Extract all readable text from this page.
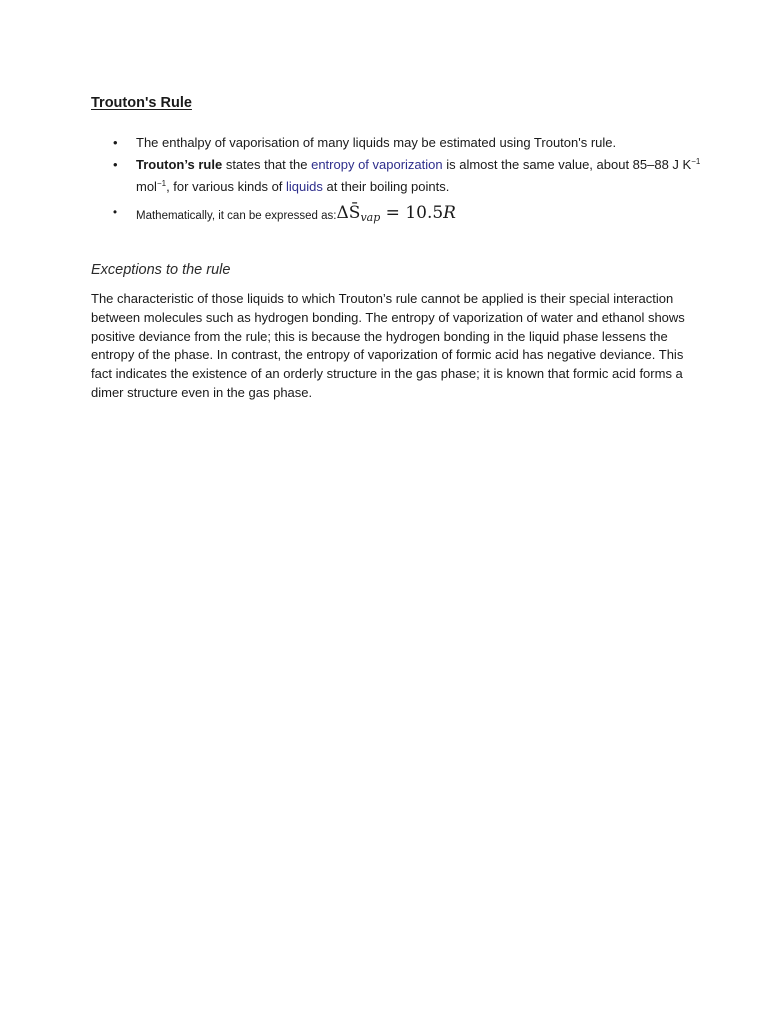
Trouton's Rule
• The enthalpy of vaporisation of many liquids may be estimated using Trouton's rule.
• Trouton’s rule states that the entropy of vaporization is almost the same value, about 85–88 J $K^{-1}$ mol$^{-1}$, for various kinds of liquids at their boiling points.
• Mathematically, it can be expressed $as:\Delta S̄_{vap} = 10.5R$
Exceptions to the rule

The characteristic of those liquids to which Trouton’s rule cannot be applied is their special interaction between molecules such as hydrogen bonding. The entropy of vaporization of water and ethanol shows positive deviance from the rule; this is because the hydrogen bonding in the liquid phase lessens the entropy of the phase. In contrast, the entropy of vaporization of formic acid has negative deviance. This fact indicates the existence of an orderly structure in the gas phase; it is known that formic acid forms a dimer structure even in the gas phase.
